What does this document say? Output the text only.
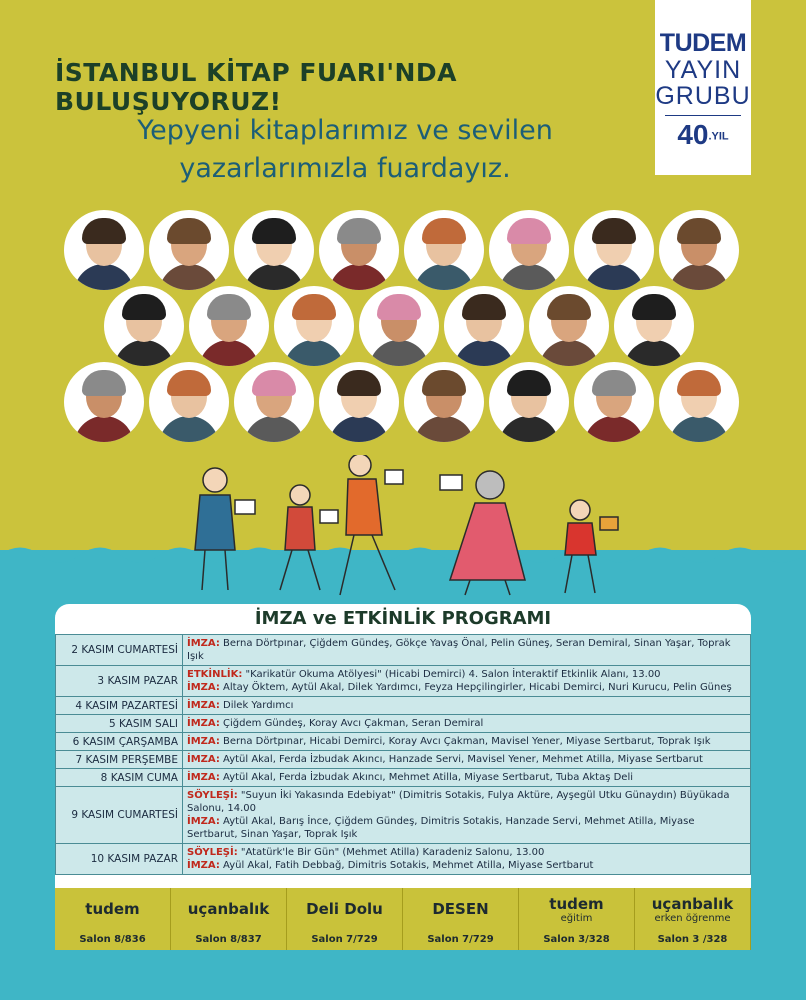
TUDEM
YAYIN
GRUBU
40.YIL
İSTANBUL KİTAP FUARI'NDA BULUŞUYORUZ!
Yepyeni kitaplarımız ve sevilen yazarlarımızla fuardayız.
İMZA ve ETKİNLİK PROGRAMI
2 KASIM CUMARTESİ	İMZA: Berna Dörtpınar, Çiğdem Gündeş, Gökçe Yavaş Önal, Pelin Güneş, Seran Demiral, Sinan Yaşar, Toprak Işık

3 KASIM PAZAR	ETKİNLİK: "Karikatür Okuma Atölyesi" (Hicabi Demirci) 4. Salon İnteraktif Etkinlik Alanı, 13.00
İMZA: Altay Öktem, Aytül Akal, Dilek Yardımcı, Feyza Hepçilingirler, Hicabi Demirci, Nuri Kurucu, Pelin Güneş

4 KASIM PAZARTESİ	İMZA: Dilek Yardımcı

5 KASIM SALI	İMZA: Çiğdem Gündeş, Koray Avcı Çakman, Seran Demiral

6 KASIM ÇARŞAMBA	İMZA: Berna Dörtpınar, Hicabi Demirci, Koray Avcı Çakman, Mavisel Yener, Miyase Sertbarut, Toprak Işık

7 KASIM PERŞEMBE	İMZA: Aytül Akal, Ferda İzbudak Akıncı, Hanzade Servi, Mavisel Yener, Mehmet Atilla, Miyase Sertbarut

8 KASIM CUMA	İMZA: Aytül Akal, Ferda İzbudak Akıncı, Mehmet Atilla, Miyase Sertbarut, Tuba Aktaş Deli

9 KASIM CUMARTESİ	SÖYLEŞİ: "Suyun İki Yakasında Edebiyat" (Dimitris Sotakis, Fulya Aktüre, Ayşegül Utku Günaydın) Büyükada Salonu, 14.00
İMZA: Aytül Akal, Barış İnce, Çiğdem Gündeş, Dimitris Sotakis, Hanzade Servi, Mehmet Atilla, Miyase Sertbarut, Sinan Yaşar, Toprak Işık

10 KASIM PAZAR	SÖYLEŞİ: "Atatürk'le Bir Gün" (Mehmet Atilla) Karadeniz Salonu, 13.00
İMZA: Ayül Akal, Fatih Debbağ, Dimitris Sotakis, Mehmet Atilla, Miyase Sertbarut
tudem
Salon 8/836
uçanbalık
Salon 8/837
Deli Dolu
Salon 7/729
DESEN
Salon 7/729
tudem
eğitim
Salon 3/328
uçanbalık
erken öğrenme
Salon 3 /328
